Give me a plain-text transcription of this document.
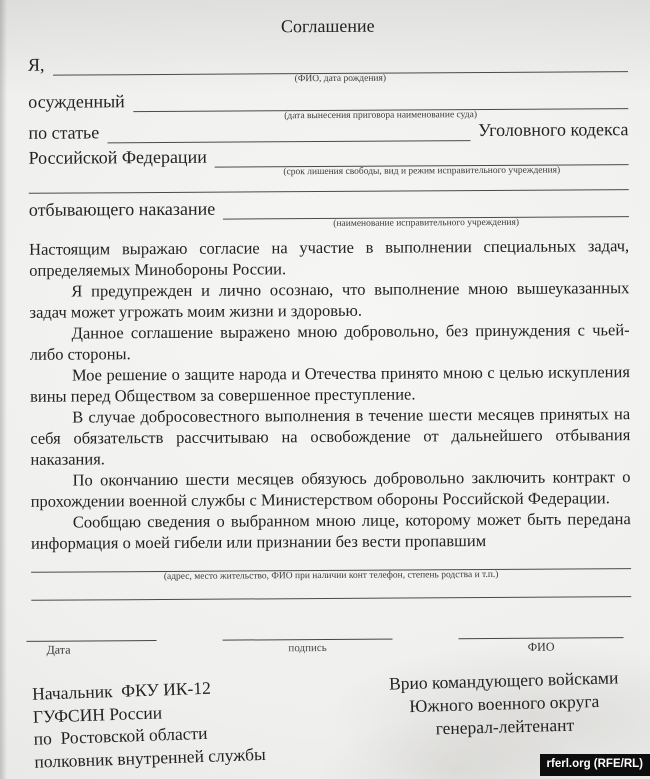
Соглашение
Я,
(ФИО, дата рождения)
осужденный
(дата вынесения приговора наименование суда)
по статье	Уголовного кодекса
Российской Федерации
(срок лишения свободы, вид и режим исправительного учреждения)
отбывающего наказание
(наименование исправительного учреждения)

Настоящим выражаю согласие на участие в выполнении специальных задач, определяемых Минобороны России.

Я предупрежден и лично осознаю, что выполнение мною вышеуказанных задач может угрожать моим жизни и здоровью.

Данное соглашение выражено мною добровольно, без принуждения с чьей- либо стороны.

Мое решение о защите народа и Отечества принято мною с целью искупления вины перед Обществом за совершенное преступление.

В случае добросовестного выполнения в течение шести месяцев принятых на себя обязательств рассчитываю на освобождение от дальнейшего отбывания наказания.

По окончанию шести месяцев обязуюсь добровольно заключить контракт о прохождении военной службы с Министерством обороны Российской Федерации.

Сообщаю сведения о выбранном мною лице, которому может быть передана информация о моей гибели или признании без вести пропавшим

(адрес, место жительство, ФИО при наличии конт телефон, степень родства и т.п.)
Дата	подпись	ФИО
Начальник  ФКУ ИК-12
ГУФСИН России
по  Ростовской области
полковник внутренней службы
Врио командующего войсками
Южного военного округа
генерал-лейтенант
rferl.org (RFE/RL)
